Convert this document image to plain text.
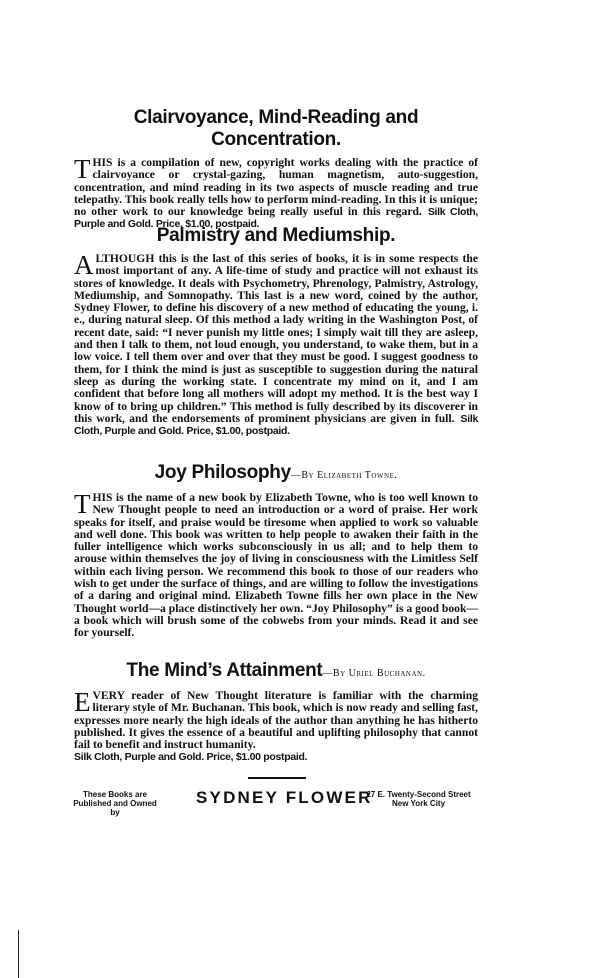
Clairvoyance, Mind-Reading and Concentration.

THIS is a compilation of new, copyright works dealing with the practice of clairvoyance or crystal-gazing, human magnetism, auto-suggestion, concentration, and mind reading in its two aspects of muscle reading and true telepathy. This book really tells how to perform mind-reading. In this it is unique; no other work to our knowledge being really useful in this regard. Silk Cloth, Purple and Gold. Price, $1.00, postpaid.

Palmistry and Mediumship.

ALTHOUGH this is the last of this series of books, it is in some respects the most important of any. A life-time of study and practice will not exhaust its stores of knowledge. It deals with Psychometry, Phrenology, Palmistry, Astrology, Mediumship, and Somnopathy. This last is a new word, coined by the author, Sydney Flower, to define his discovery of a new method of educating the young, i. e., during natural sleep. Of this method a lady writing in the Washington Post, of recent date, said: “I never punish my little ones; I simply wait till they are asleep, and then I talk to them, not loud enough, you understand, to wake them, but in a low voice. I tell them over and over that they must be good. I suggest goodness to them, for I think the mind is just as susceptible to suggestion during the natural sleep as during the working state. I concentrate my mind on it, and I am confident that before long all mothers will adopt my method. It is the best way I know of to bring up children.” This method is fully described by its discoverer in this work, and the endorsements of prominent physicians are given in full. Silk Cloth, Purple and Gold. Price, $1.00, postpaid.

Joy Philosophy—By Elizabeth Towne.

THIS is the name of a new book by Elizabeth Towne, who is too well known to New Thought people to need an introduction or a word of praise. Her work speaks for itself, and praise would be tiresome when applied to work so valuable and well done. This book was written to help people to awaken their faith in the fuller intelligence which works subconsciously in us all; and to help them to arouse within themselves the joy of living in consciousness with the Limitless Self within each living person. We recommend this book to those of our readers who wish to get under the surface of things, and are willing to follow the investigations of a daring and original mind. Elizabeth Towne fills her own place in the New Thought world—a place distinctively her own. “Joy Philosophy” is a good book—a book which will brush some of the cobwebs from your minds. Read it and see for yourself.

The Mind’s Attainment—By Uriel Buchanan.

EVERY reader of New Thought literature is familiar with the charming literary style of Mr. Buchanan. This book, which is now ready and selling fast, expresses more nearly the high ideals of the author than anything he has hitherto published. It gives the essence of a beautiful and uplifting philosophy that cannot fail to benefit and instruct humanity.
Silk Cloth, Purple and Gold. Price, $1.00 postpaid.

These Books are Published and Owned by
SYDNEY FLOWER
27 E. Twenty-Second Street
New York City
